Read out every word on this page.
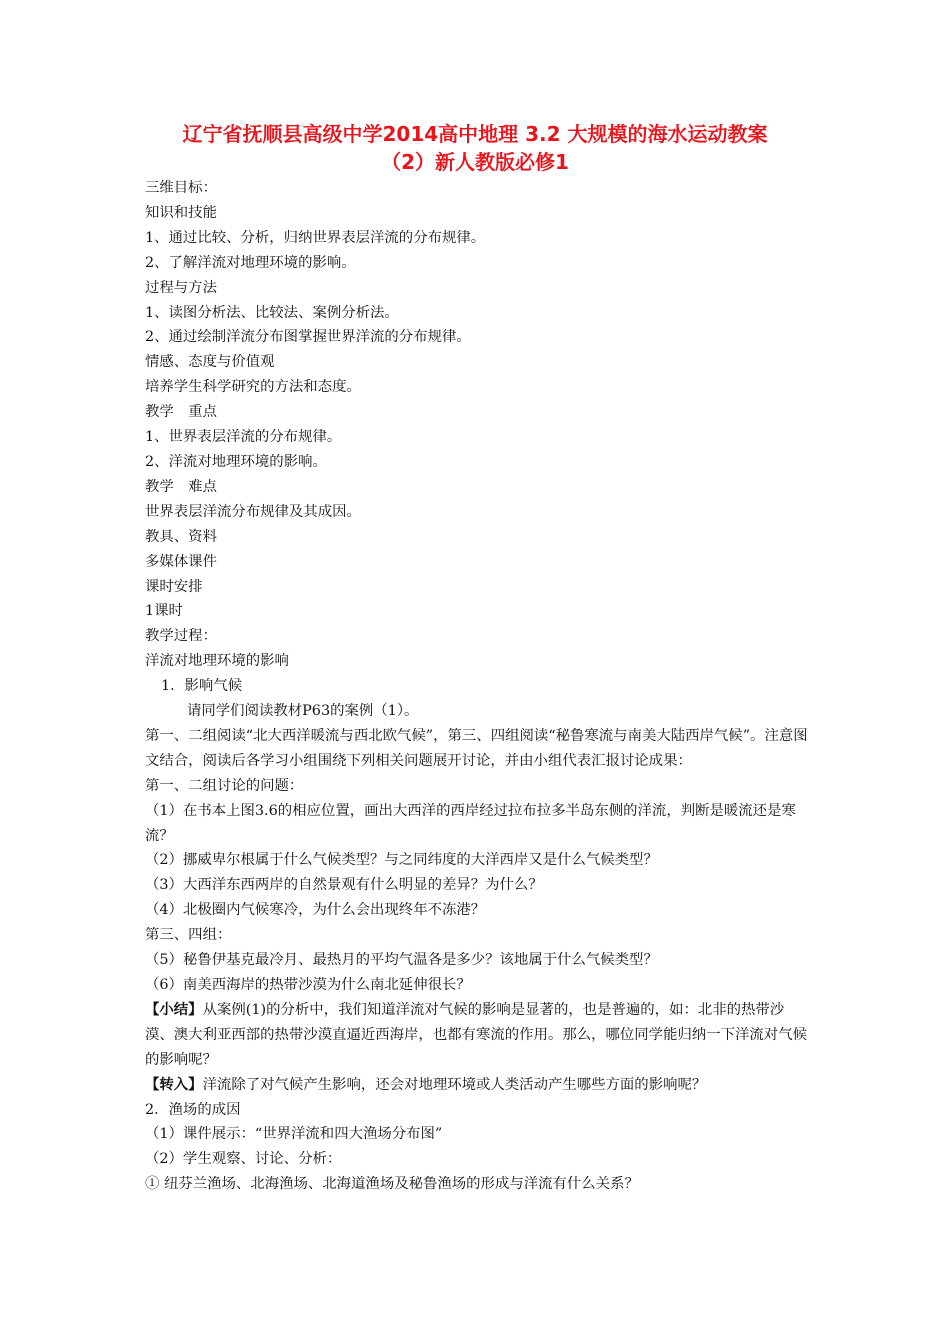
辽宁省抚顺县高级中学2014高中地理 3.2 大规模的海水运动教案
（2）新人教版必修1

三维目标：

知识和技能

1、通过比较、分析，归纳世界表层洋流的分布规律。

2、了解洋流对地理环境的影响。

过程与方法

1、读图分析法、比较法、案例分析法。

2、通过绘制洋流分布图掌握世界洋流的分布规律。

情感、态度与价值观

培养学生科学研究的方法和态度。

教学　重点

1、世界表层洋流的分布规律。

2、洋流对地理环境的影响。

教学　难点

世界表层洋流分布规律及其成因。

教具、资料

多媒体课件

课时安排

1课时

教学过程：

洋流对地理环境的影响

1．影响气候

请同学们阅读教材P63的案例（1）。

第一、二组阅读“北大西洋暖流与西北欧气候”，第三、四组阅读“秘鲁寒流与南美大陆西岸气候”。注意图文结合，阅读后各学习小组围绕下列相关问题展开讨论，并由小组代表汇报讨论成果：

第一、二组讨论的问题：

（1）在书本上图3.6的相应位置，画出大西洋的西岸经过拉布拉多半岛东侧的洋流，判断是暖流还是寒流？

（2）挪威卑尔根属于什么气候类型？与之同纬度的大洋西岸又是什么气候类型？

（3）大西洋东西两岸的自然景观有什么明显的差异？为什么？

（4）北极圈内气候寒冷，为什么会出现终年不冻港？

第三、四组：

（5）秘鲁伊基克最冷月、最热月的平均气温各是多少？该地属于什么气候类型？

（6）南美西海岸的热带沙漠为什么南北延伸很长？

【小结】从案例(1)的分析中，我们知道洋流对气候的影响是显著的，也是普遍的，如：北非的热带沙漠、澳大利亚西部的热带沙漠直逼近西海岸，也都有寒流的作用。那么，哪位同学能归纳一下洋流对气候的影响呢？

【转入】洋流除了对气候产生影响，还会对地理环境或人类活动产生哪些方面的影响呢？

2．渔场的成因

（1）课件展示：“世界洋流和四大渔场分布图”

（2）学生观察、讨论、分析：

① 纽芬兰渔场、北海渔场、北海道渔场及秘鲁渔场的形成与洋流有什么关系？
